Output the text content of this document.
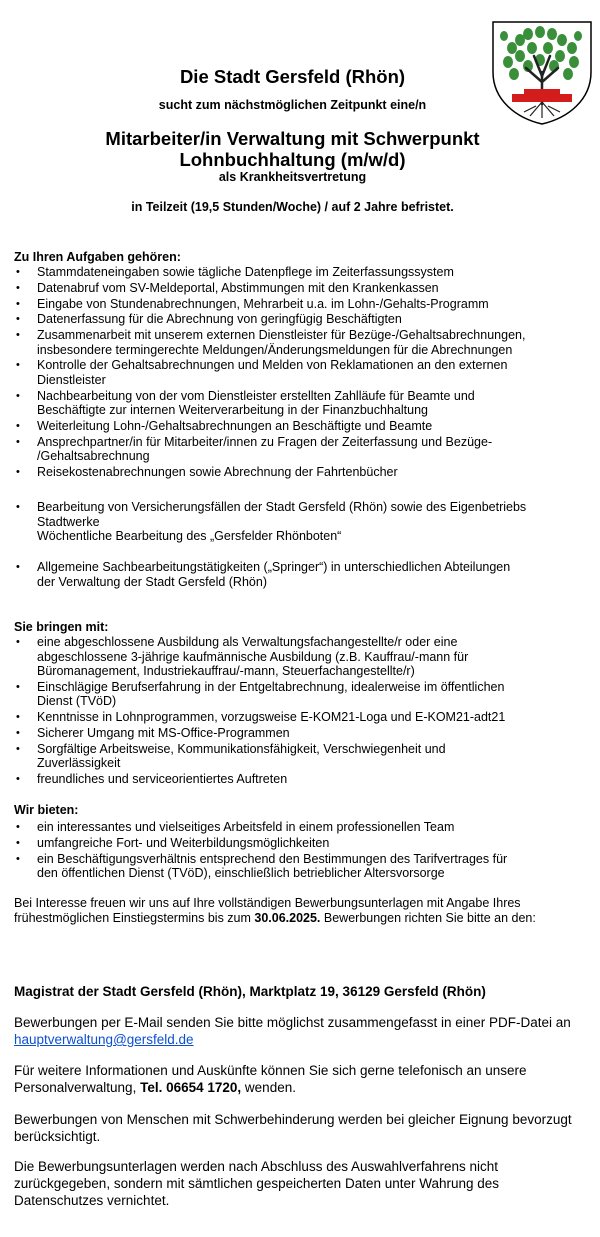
Die Stadt Gersfeld (Rhön)

sucht zum nächstmöglichen Zeitpunkt eine/n

Mitarbeiter/in Verwaltung mit Schwerpunkt

Lohnbuchhaltung (m/w/d)

als Krankheitsvertretung

in Teilzeit (19,5 Stunden/Woche) / auf 2 Jahre befristet.

Zu Ihren Aufgaben gehören:
• Stammdateneingaben sowie tägliche Datenpflege im Zeiterfassungssystem
• Datenabruf vom SV-Meldeportal, Abstimmungen mit den Krankenkassen
• Eingabe von Stundenabrechnungen, Mehrarbeit u.a. im Lohn-/Gehalts-Programm
• Datenerfassung für die Abrechnung von geringfügig Beschäftigten
• Zusammenarbeit mit unserem externen Dienstleister für Bezüge-/Gehaltsabrechnungen,
insbesondere termingerechte Meldungen/Änderungsmeldungen für die Abrechnungen
• Kontrolle der Gehaltsabrechnungen und Melden von Reklamationen an den externen
Dienstleister
• Nachbearbeitung von der vom Dienstleister erstellten Zahlläufe für Beamte und
Beschäftigte zur internen Weiterverarbeitung in der Finanzbuchhaltung
• Weiterleitung Lohn-/Gehaltsabrechnungen an Beschäftigte und Beamte
• Ansprechpartner/in für Mitarbeiter/innen zu Fragen der Zeiterfassung und Bezüge-
/Gehaltsabrechnung
• Reisekostenabrechnungen sowie Abrechnung der Fahrtenbücher
• Bearbeitung von Versicherungsfällen der Stadt Gersfeld (Rhön) sowie des Eigenbetriebs
Stadtwerke
Wöchentliche Bearbeitung des „Gersfelder Rhönboten“
• Allgemeine Sachbearbeitungstätigkeiten („Springer“) in unterschiedlichen Abteilungen
der Verwaltung der Stadt Gersfeld (Rhön)
Sie bringen mit:
• eine abgeschlossene Ausbildung als Verwaltungsfachangestellte/r oder eine
abgeschlossene 3-jährige kaufmännische Ausbildung (z.B. Kauffrau/-mann für
Büromanagement, Industriekauffrau/-mann, Steuerfachangestellte/r)
• Einschlägige Berufserfahrung in der Entgeltabrechnung, idealerweise im öffentlichen
Dienst (TVöD)
• Kenntnisse in Lohnprogrammen, vorzugsweise E-KOM21-Loga und E-KOM21-adt21
• Sicherer Umgang mit MS-Office-Programmen
• Sorgfältige Arbeitsweise, Kommunikationsfähigkeit, Verschwiegenheit und
Zuverlässigkeit
• freundliches und serviceorientiertes Auftreten
Wir bieten:
• ein interessantes und vielseitiges Arbeitsfeld in einem professionellen Team
• umfangreiche Fort- und Weiterbildungsmöglichkeiten
• ein Beschäftigungsverhältnis entsprechend den Bestimmungen des Tarifvertrages für
den öffentlichen Dienst (TVöD), einschließlich betrieblicher Altersvorsorge

Bei Interesse freuen wir uns auf Ihre vollständigen Bewerbungsunterlagen mit Angabe Ihres frühestmöglichen Einstiegstermins bis zum 30.06.2025. Bewerbungen richten Sie bitte an den:

Magistrat der Stadt Gersfeld (Rhön), Marktplatz 19, 36129 Gersfeld (Rhön)

Bewerbungen per E-Mail senden Sie bitte möglichst zusammengefasst in einer PDF-Datei an hauptverwaltung@gersfeld.de

Für weitere Informationen und Auskünfte können Sie sich gerne telefonisch an unsere Personalverwaltung, Tel. 06654 1720, wenden.

Bewerbungen von Menschen mit Schwerbehinderung werden bei gleicher Eignung bevorzugt berücksichtigt.

Die Bewerbungsunterlagen werden nach Abschluss des Auswahlverfahrens nicht zurückgegeben, sondern mit sämtlichen gespeicherten Daten unter Wahrung des Datenschutzes vernichtet.
